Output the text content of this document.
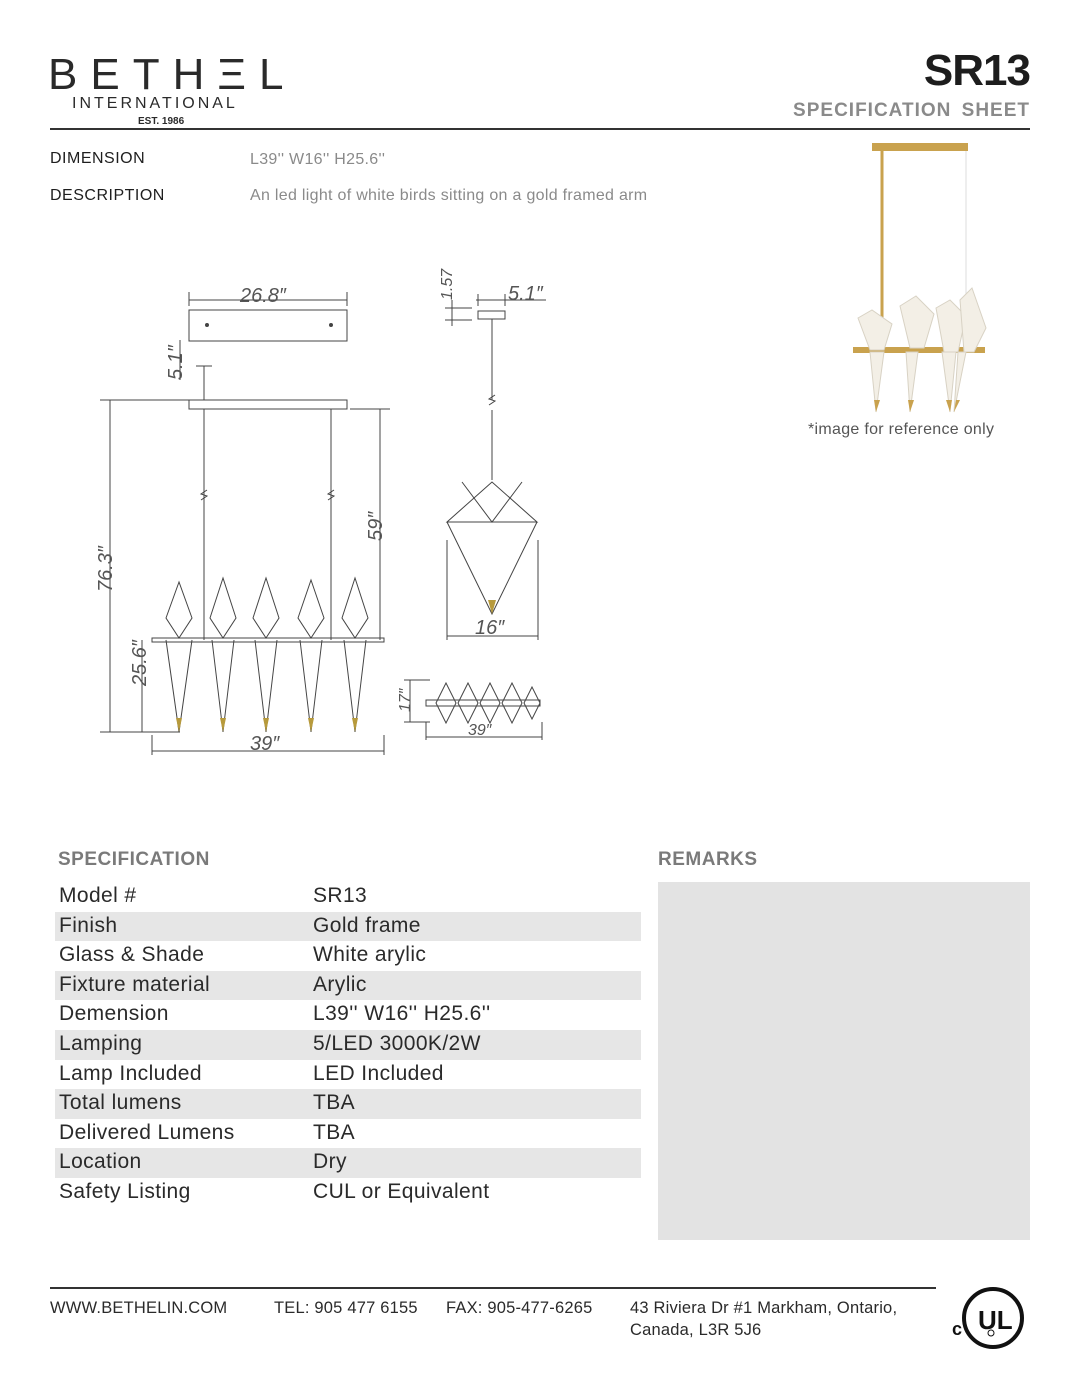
BETHΞL
INTERNATIONAL
EST. 1986
SR13
SPECIFICATION SHEET
DIMENSION	L39'' W16'' H25.6''
DESCRIPTION	An led light of white birds sitting on a gold framed arm
26.8″
5.1″
76.3″
59″
25.6″
39″
1.57	5.1″
16″
17″
39″
*image for reference only
SPECIFICATION	REMARKS
Model #	SR13
Finish	Gold frame
Glass & Shade	White arylic
Fixture material	Arylic
Demension	L39'' W16'' H25.6''
Lamping	5/LED 3000K/2W
Lamp Included	LED Included
Total lumens	TBA
Delivered Lumens	TBA
Location	Dry
Safety Listing	CUL or Equivalent
WWW.BETHELIN.COM	TEL: 905 477 6155 FAX: 905-477-6265 43 Riviera Dr #1 Markham, Ontario,
Canada, L3R 5J6	c UL
